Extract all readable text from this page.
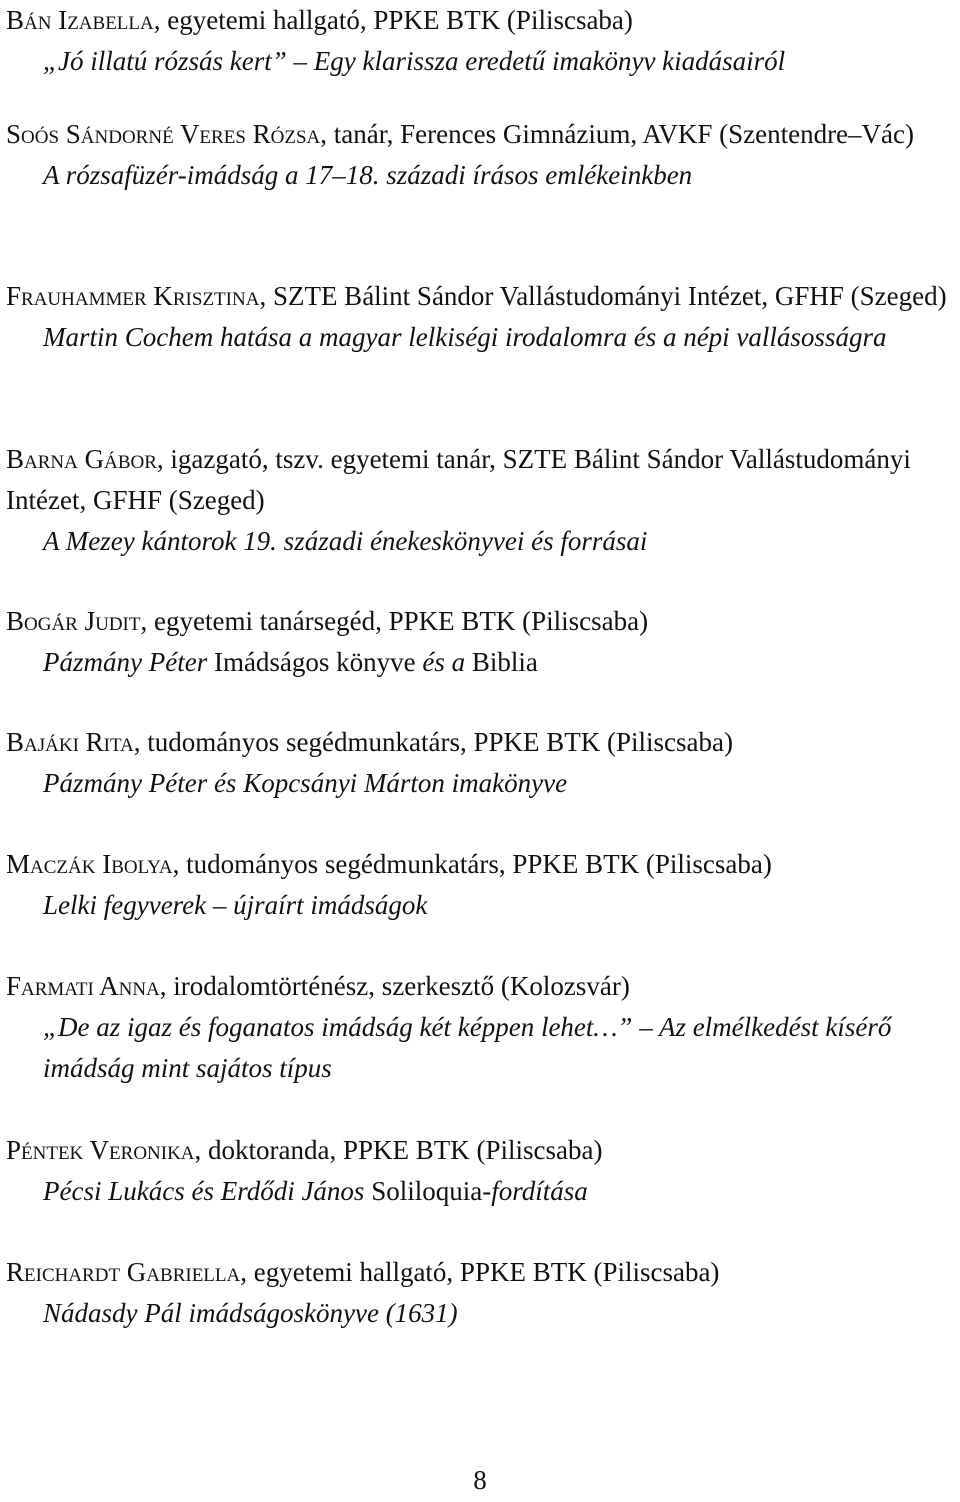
Bán Izabella, egyetemi hallgató, PPKE BTK (Piliscsaba)
„Jó illatú rózsás kert” – Egy klarissza eredetű imakönyv kiadásairól
Soós Sándorné Veres Rózsa, tanár, Ferences Gimnázium, AVKF (Szentendre–Vác)
A rózsafüzér-imádság a 17–18. századi írásos emlékeinkben
Frauhammer Krisztina, SZTE Bálint Sándor Vallástudományi Intézet, GFHF (Szeged)
Martin Cochem hatása a magyar lelkiségi irodalomra és a népi vallásosságra
Barna Gábor, igazgató, tszv. egyetemi tanár, SZTE Bálint Sándor Vallástudományi Intézet, GFHF (Szeged)
A Mezey kántorok 19. századi énekeskönyvei és forrásai
Bogár Judit, egyetemi tanársegéd, PPKE BTK (Piliscsaba)
Pázmány Péter Imádságos könyve és a Biblia
Bajáki Rita, tudományos segédmunkatárs, PPKE BTK (Piliscsaba)
Pázmány Péter és Kopcsányi Márton imakönyve
Maczák Ibolya, tudományos segédmunkatárs, PPKE BTK (Piliscsaba)
Lelki fegyverek – újraírt imádságok
Farmati Anna, irodalomtörténész, szerkesztő (Kolozsvár)
„De az igaz és foganatos imádság két képpen lehet…” – Az elmélkedést kísérő imádság mint sajátos típus
Péntek Veronika, doktoranda, PPKE BTK (Piliscsaba)
Pécsi Lukács és Erdődi János Soliloquia-fordítása
Reichardt Gabriella, egyetemi hallgató, PPKE BTK (Piliscsaba)
Nádasdy Pál imádságoskönyve (1631)
8
